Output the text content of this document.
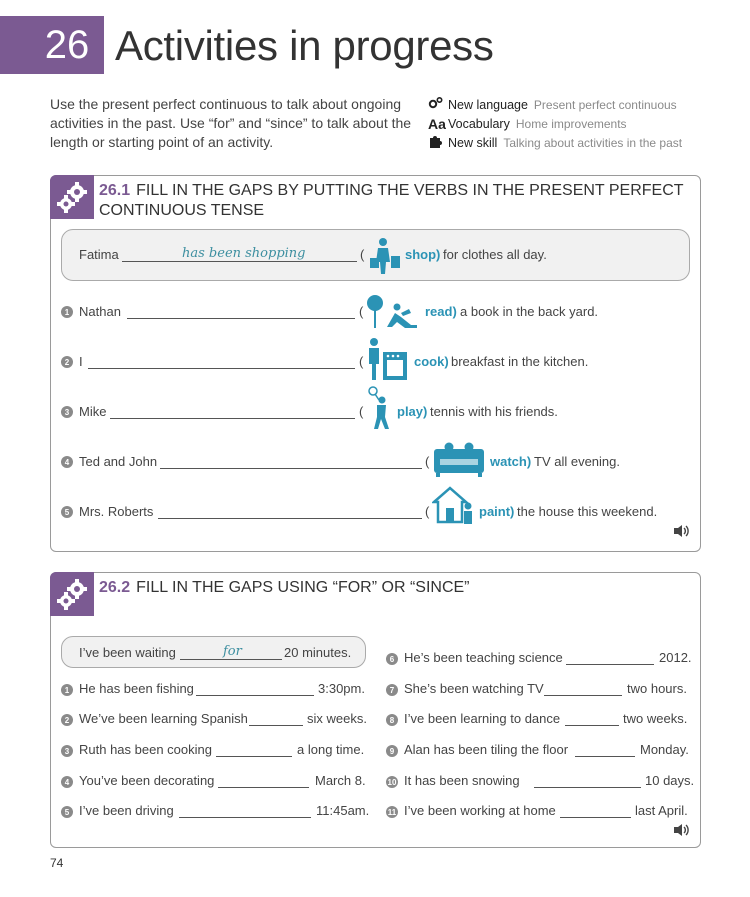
26 Activities in progress
Use the present perfect continuous to talk about ongoing activities in the past. Use “for” and “since” to talk about the length or starting point of an activity.
New language Present perfect continuous
Aa Vocabulary Home improvements
New skill Talking about activities in the past
26.1 FILL IN THE GAPS BY PUTTING THE VERBS IN THE PRESENT PERFECT
CONTINUOUS TENSE
Fatima	has been shopping	(	shop) for clothes all day.
1 Nathan	(	read) a book in the back yard.
2 I	(	cook) breakfast in the kitchen.
3 Mike	(	play) tennis with his friends.
4 Ted and John	(	watch) TV all evening.
5 Mrs. Roberts	(	paint) the house this weekend.
26.2 FILL IN THE GAPS USING “FOR” OR “SINCE”
I’ve been waiting	for	20 minutes.
1 He has been fishing	3:30pm.
2 We’ve been learning Spanish	six weeks.
3 Ruth has been cooking	a long time.
4 You’ve been decorating	March 8.
5 I’ve been driving	11:45am.
6 He’s been teaching science	2012.
7 She’s been watching TV	two hours.
8 I’ve been learning to dance	two weeks.
9 Alan has been tiling the floor	Monday.
10 It has been snowing	10 days.
11 I’ve been working at home	last April.
74
